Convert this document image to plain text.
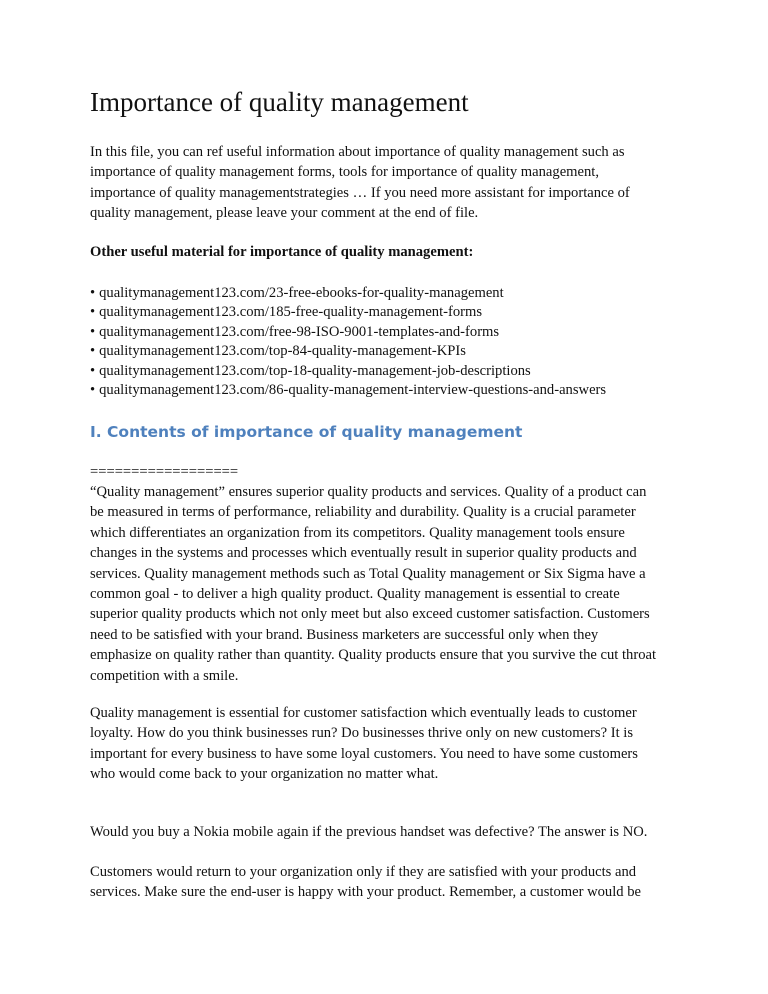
Importance of quality management

In this file, you can ref useful information about importance of quality management such as
importance of quality management forms, tools for importance of quality management,
importance of quality managementstrategies … If you need more assistant for importance of
quality management, please leave your comment at the end of file.

Other useful material for importance of quality management:

• qualitymanagement123.com/23-free-ebooks-for-quality-management
• qualitymanagement123.com/185-free-quality-management-forms
• qualitymanagement123.com/free-98-ISO-9001-templates-and-forms
• qualitymanagement123.com/top-84-quality-management-KPIs
• qualitymanagement123.com/top-18-quality-management-job-descriptions
• qualitymanagement123.com/86-quality-management-interview-questions-and-answers
I. Contents of importance of quality management

==================

“Quality management” ensures superior quality products and services. Quality of a product can
be measured in terms of performance, reliability and durability. Quality is a crucial parameter
which differentiates an organization from its competitors. Quality management tools ensure
changes in the systems and processes which eventually result in superior quality products and
services. Quality management methods such as Total Quality management or Six Sigma have a
common goal - to deliver a high quality product. Quality management is essential to create
superior quality products which not only meet but also exceed customer satisfaction. Customers
need to be satisfied with your brand. Business marketers are successful only when they
emphasize on quality rather than quantity. Quality products ensure that you survive the cut throat
competition with a smile.

Quality management is essential for customer satisfaction which eventually leads to customer
loyalty. How do you think businesses run? Do businesses thrive only on new customers? It is
important for every business to have some loyal customers. You need to have some customers
who would come back to your organization no matter what.

Would you buy a Nokia mobile again if the previous handset was defective? The answer is NO.

Customers would return to your organization only if they are satisfied with your products and
services. Make sure the end-user is happy with your product. Remember, a customer would be
